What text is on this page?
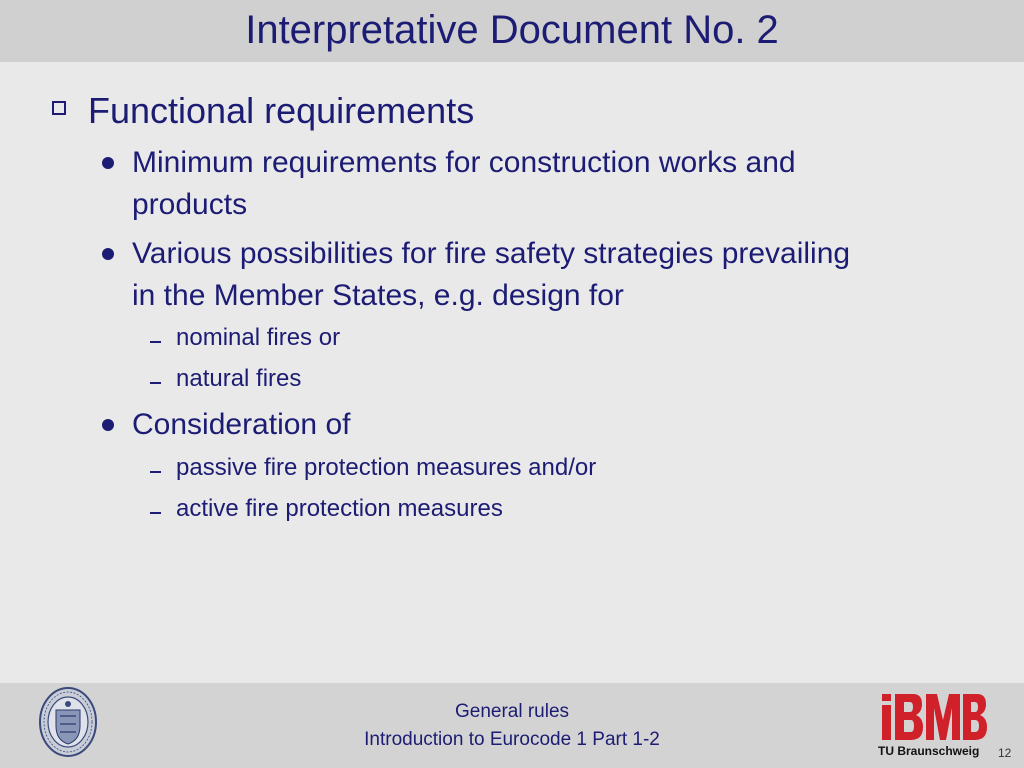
Interpretative Document No. 2
Functional requirements
Minimum requirements for construction works and
products
Various possibilities for fire safety strategies prevailing
in the Member States, e.g. design for
nominal fires or
natural fires
Consideration of
passive fire protection measures and/or
active fire protection measures
General rules
Introduction to Eurocode 1 Part 1-2
TU Braunschweig 12
